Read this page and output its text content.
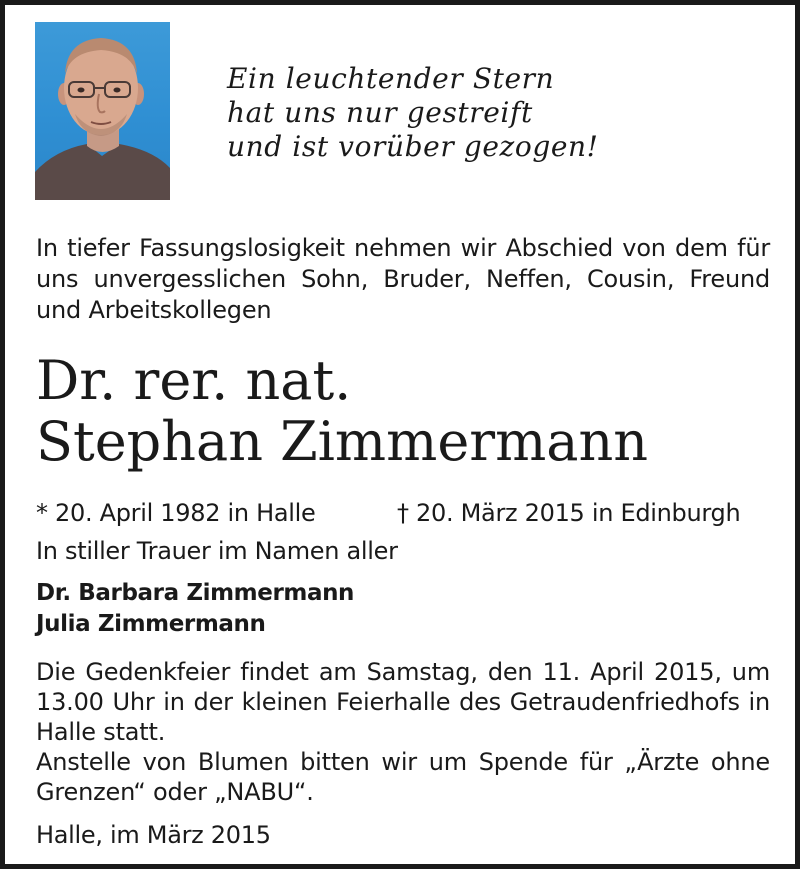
Ein leuchtender Stern
hat uns nur gestreift
und ist vorüber gezogen!
In tiefer Fassungslosigkeit nehmen wir Abschied von dem für uns unvergesslichen Sohn, Bruder, Neffen, Cousin, Freund und Arbeitskollegen
Dr. rer. nat.
Stephan Zimmermann
* 20. April 1982 in Halle	† 20. März 2015 in Edinburgh
In stiller Trauer im Namen aller
Dr. Barbara Zimmermann
Julia Zimmermann

Die Gedenkfeier findet am Samstag, den 11. April 2015, um 13.00 Uhr in der kleinen Feierhalle des Getraudenfriedhofs in Halle statt.

Anstelle von Blumen bitten wir um Spende für „Ärzte ohne Grenzen“ oder „NABU“.

Halle, im März 2015
